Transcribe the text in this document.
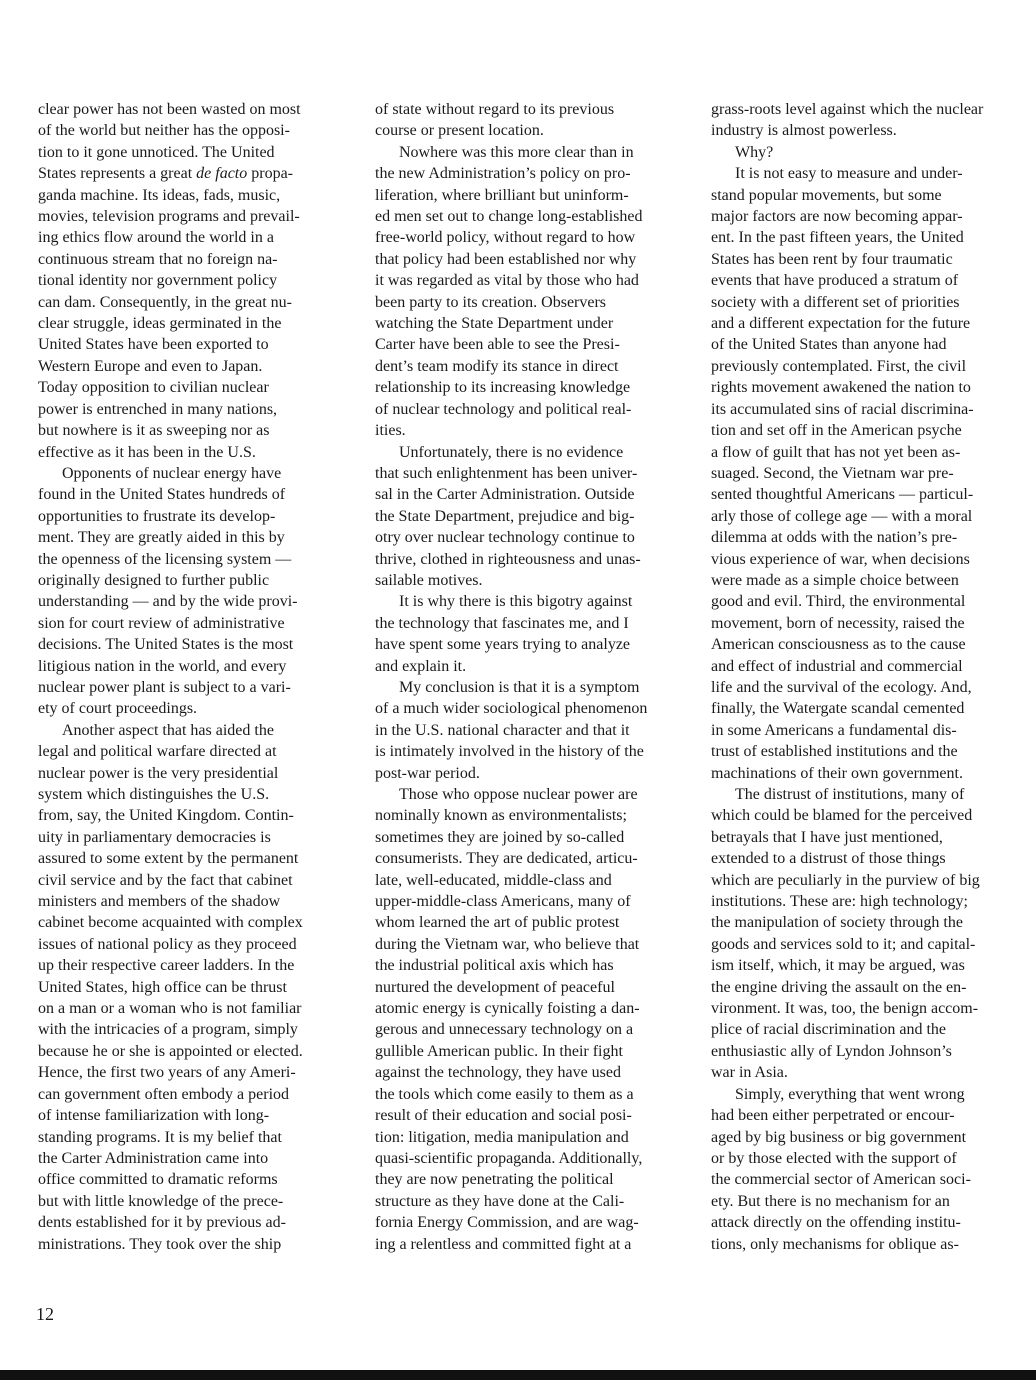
clear power has not been wasted on most
of the world but neither has the opposi-
tion to it gone unnoticed. The United
States represents a great de facto propa-
ganda machine. Its ideas, fads, music,
movies, television programs and prevail-
ing ethics flow around the world in a
continuous stream that no foreign na-
tional identity nor government policy
can dam. Consequently, in the great nu-
clear struggle, ideas germinated in the
United States have been exported to
Western Europe and even to Japan.
Today opposition to civilian nuclear
power is entrenched in many nations,
but nowhere is it as sweeping nor as
effective as it has been in the U.S.

Opponents of nuclear energy have
found in the United States hundreds of
opportunities to frustrate its develop-
ment. They are greatly aided in this by
the openness of the licensing system —
originally designed to further public
understanding — and by the wide provi-
sion for court review of administrative
decisions. The United States is the most
litigious nation in the world, and every
nuclear power plant is subject to a vari-
ety of court proceedings.

Another aspect that has aided the
legal and political warfare directed at
nuclear power is the very presidential
system which distinguishes the U.S.
from, say, the United Kingdom. Contin-
uity in parliamentary democracies is
assured to some extent by the permanent
civil service and by the fact that cabinet
ministers and members of the shadow
cabinet become acquainted with complex
issues of national policy as they proceed
up their respective career ladders. In the
United States, high office can be thrust
on a man or a woman who is not familiar
with the intricacies of a program, simply
because he or she is appointed or elected.
Hence, the first two years of any Ameri-
can government often embody a period
of intense familiarization with long-
standing programs. It is my belief that
the Carter Administration came into
office committed to dramatic reforms
but with little knowledge of the prece-
dents established for it by previous ad-
ministrations. They took over the ship

of state without regard to its previous
course or present location.

Nowhere was this more clear than in
the new Administration’s policy on pro-
liferation, where brilliant but uninform-
ed men set out to change long-established
free-world policy, without regard to how
that policy had been established nor why
it was regarded as vital by those who had
been party to its creation. Observers
watching the State Department under
Carter have been able to see the Presi-
dent’s team modify its stance in direct
relationship to its increasing knowledge
of nuclear technology and political real-
ities.

Unfortunately, there is no evidence
that such enlightenment has been univer-
sal in the Carter Administration. Outside
the State Department, prejudice and big-
otry over nuclear technology continue to
thrive, clothed in righteousness and unas-
sailable motives.

It is why there is this bigotry against
the technology that fascinates me, and I
have spent some years trying to analyze
and explain it.

My conclusion is that it is a symptom
of a much wider sociological phenomenon
in the U.S. national character and that it
is intimately involved in the history of the
post-war period.

Those who oppose nuclear power are
nominally known as environmentalists;
sometimes they are joined by so-called
consumerists. They are dedicated, articu-
late, well-educated, middle-class and
upper-middle-class Americans, many of
whom learned the art of public protest
during the Vietnam war, who believe that
the industrial political axis which has
nurtured the development of peaceful
atomic energy is cynically foisting a dan-
gerous and unnecessary technology on a
gullible American public. In their fight
against the technology, they have used
the tools which come easily to them as a
result of their education and social posi-
tion: litigation, media manipulation and
quasi-scientific propaganda. Additionally,
they are now penetrating the political
structure as they have done at the Cali-
fornia Energy Commission, and are wag-
ing a relentless and committed fight at a

grass-roots level against which the nuclear
industry is almost powerless.

Why?

It is not easy to measure and under-
stand popular movements, but some
major factors are now becoming appar-
ent. In the past fifteen years, the United
States has been rent by four traumatic
events that have produced a stratum of
society with a different set of priorities
and a different expectation for the future
of the United States than anyone had
previously contemplated. First, the civil
rights movement awakened the nation to
its accumulated sins of racial discrimina-
tion and set off in the American psyche
a flow of guilt that has not yet been as-
suaged. Second, the Vietnam war pre-
sented thoughtful Americans — particul-
arly those of college age — with a moral
dilemma at odds with the nation’s pre-
vious experience of war, when decisions
were made as a simple choice between
good and evil. Third, the environmental
movement, born of necessity, raised the
American consciousness as to the cause
and effect of industrial and commercial
life and the survival of the ecology. And,
finally, the Watergate scandal cemented
in some Americans a fundamental dis-
trust of established institutions and the
machinations of their own government.

The distrust of institutions, many of
which could be blamed for the perceived
betrayals that I have just mentioned,
extended to a distrust of those things
which are peculiarly in the purview of big
institutions. These are: high technology;
the manipulation of society through the
goods and services sold to it; and capital-
ism itself, which, it may be argued, was
the engine driving the assault on the en-
vironment. It was, too, the benign accom-
plice of racial discrimination and the
enthusiastic ally of Lyndon Johnson’s
war in Asia.

Simply, everything that went wrong
had been either perpetrated or encour-
aged by big business or big government
or by those elected with the support of
the commercial sector of American soci-
ety. But there is no mechanism for an
attack directly on the offending institu-
tions, only mechanisms for oblique as-

12
